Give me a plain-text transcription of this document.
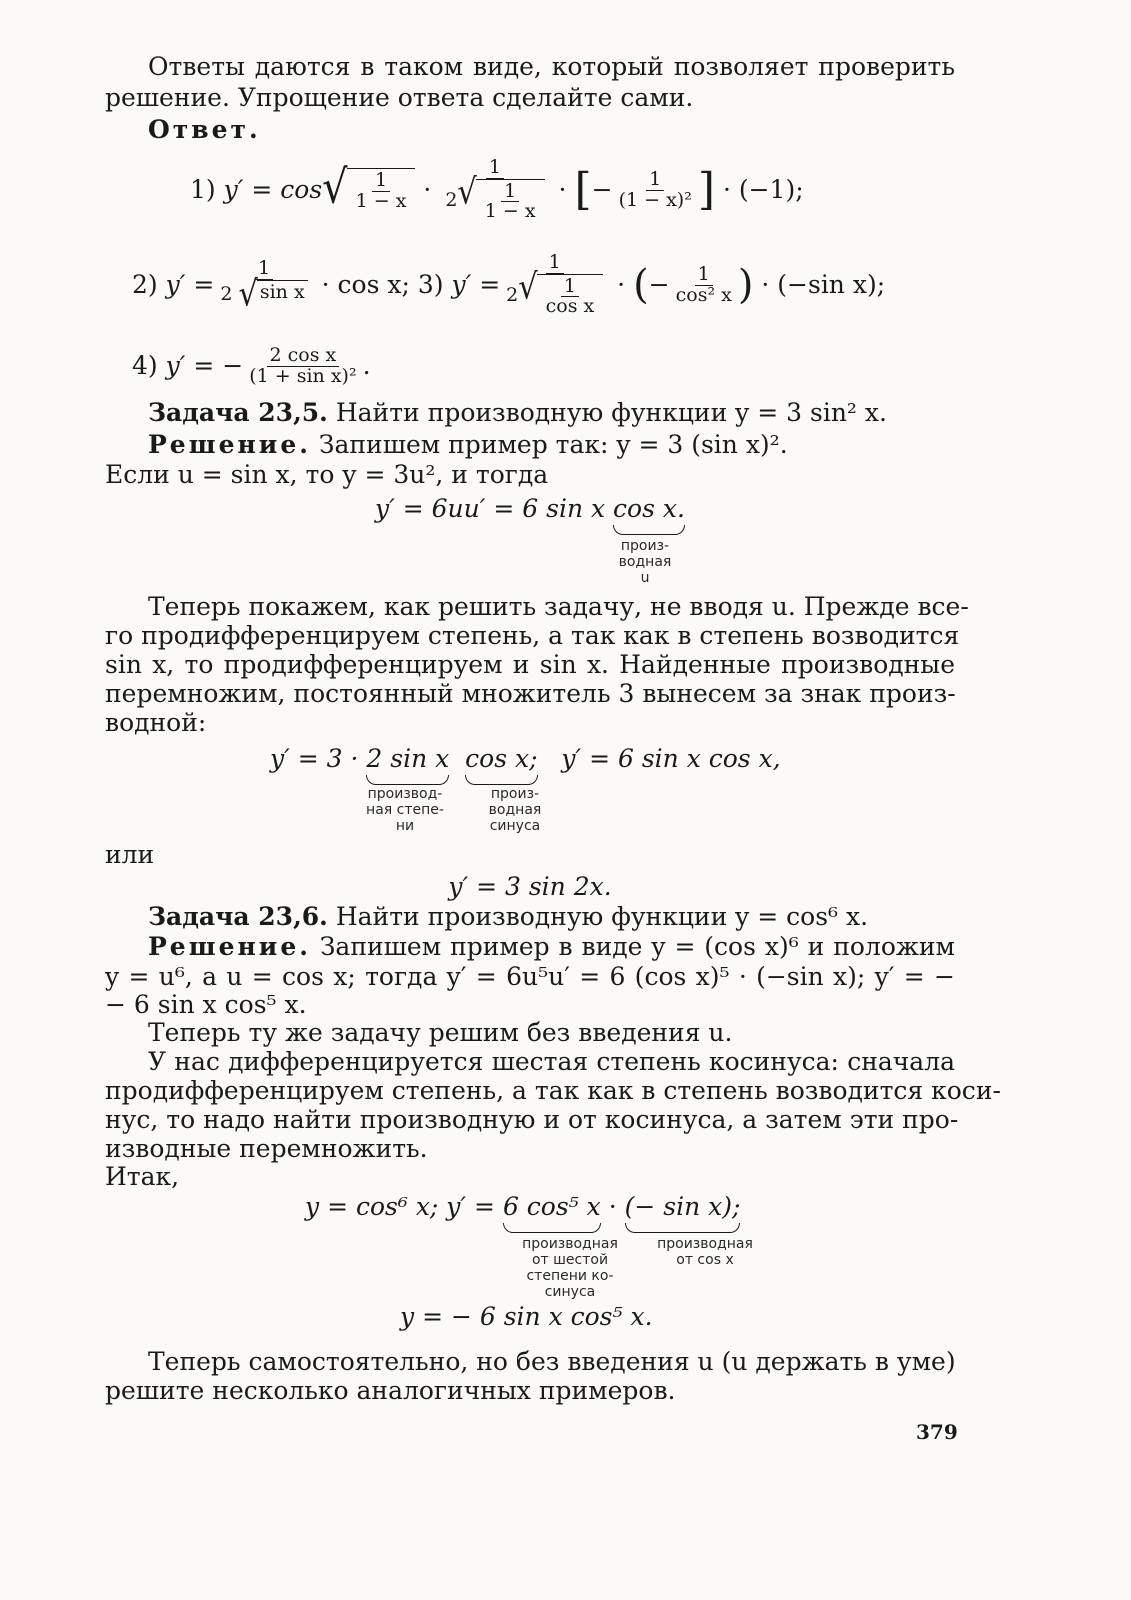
Ответы даются в таком виде, который позволяет проверить
решение. Упрощение ответа сделайте сами.
Ответ.
1)
y′ = cos √ $\frac{1}{1 - x} \cdot \frac{1}{2 √ \frac{1}{1 - x}}$ · [ − $\frac{1}{\text{(1 − x)²}}$ ]
· (−1);
2)
$y' = \frac{1}{\text{2 √ sin x}}$
· cos x;
3)
$y' = \frac{1}{2 √ \frac{1}{\text{cos x}}}$ · ( − $\frac{1}{\text{cos² x}}$ )
· (−sin x);
4)
y′ = − $\frac{\text{2 cos x}}{\text{(1 + sin x)²}}$ .
Задача 23,5. Найти производную функции y = 3 sin² x.
Решение. Запишем пример так: y = 3 (sin x)².
Если u = sin x, то y = 3u², и тогда
y′ = 6uu′ = 6 sin x cos x.
произ-
водная
u
Теперь покажем, как решить задачу, не вводя u. Прежде все-
го продифференцируем степень, а так как в степень возводится
sin x, то продифференцируем и sin x. Найденные производные
перемножим, постоянный множитель 3 вынесем за знак произ-
водной:
y′ = 3 · 2 sin x
cos x; y′ = 6 sin x cos x,
производ-
ная степе-
ни
произ-
водная
синуса
или
y′ = 3 sin 2x.
Задача 23,6. Найти производную функции y = cos⁶ x.
Решение. Запишем пример в виде y = (cos x)⁶ и положим
y = u⁶, а u = cos x; тогда y′ = 6u⁵u′ = 6 (cos x)⁵ · (−sin x); y′ = −
− 6 sin x cos⁵ x.
Теперь ту же задачу решим без введения u.
У нас дифференцируется шестая степень косинуса: сначала
продифференцируем степень, а так как в степень возводится коси-
нус, то надо найти производную и от косинуса, а затем эти про-
изводные перемножить.
Итак,
y = cos⁶ x; y′ = 6 cos⁵ x · (− sin x);
производная
от шестой
степени ко-
синуса
производная
от cos x
y = − 6 sin x cos⁵ x.
Теперь самостоятельно, но без введения u (u держать в уме)
решите несколько аналогичных примеров.
379
